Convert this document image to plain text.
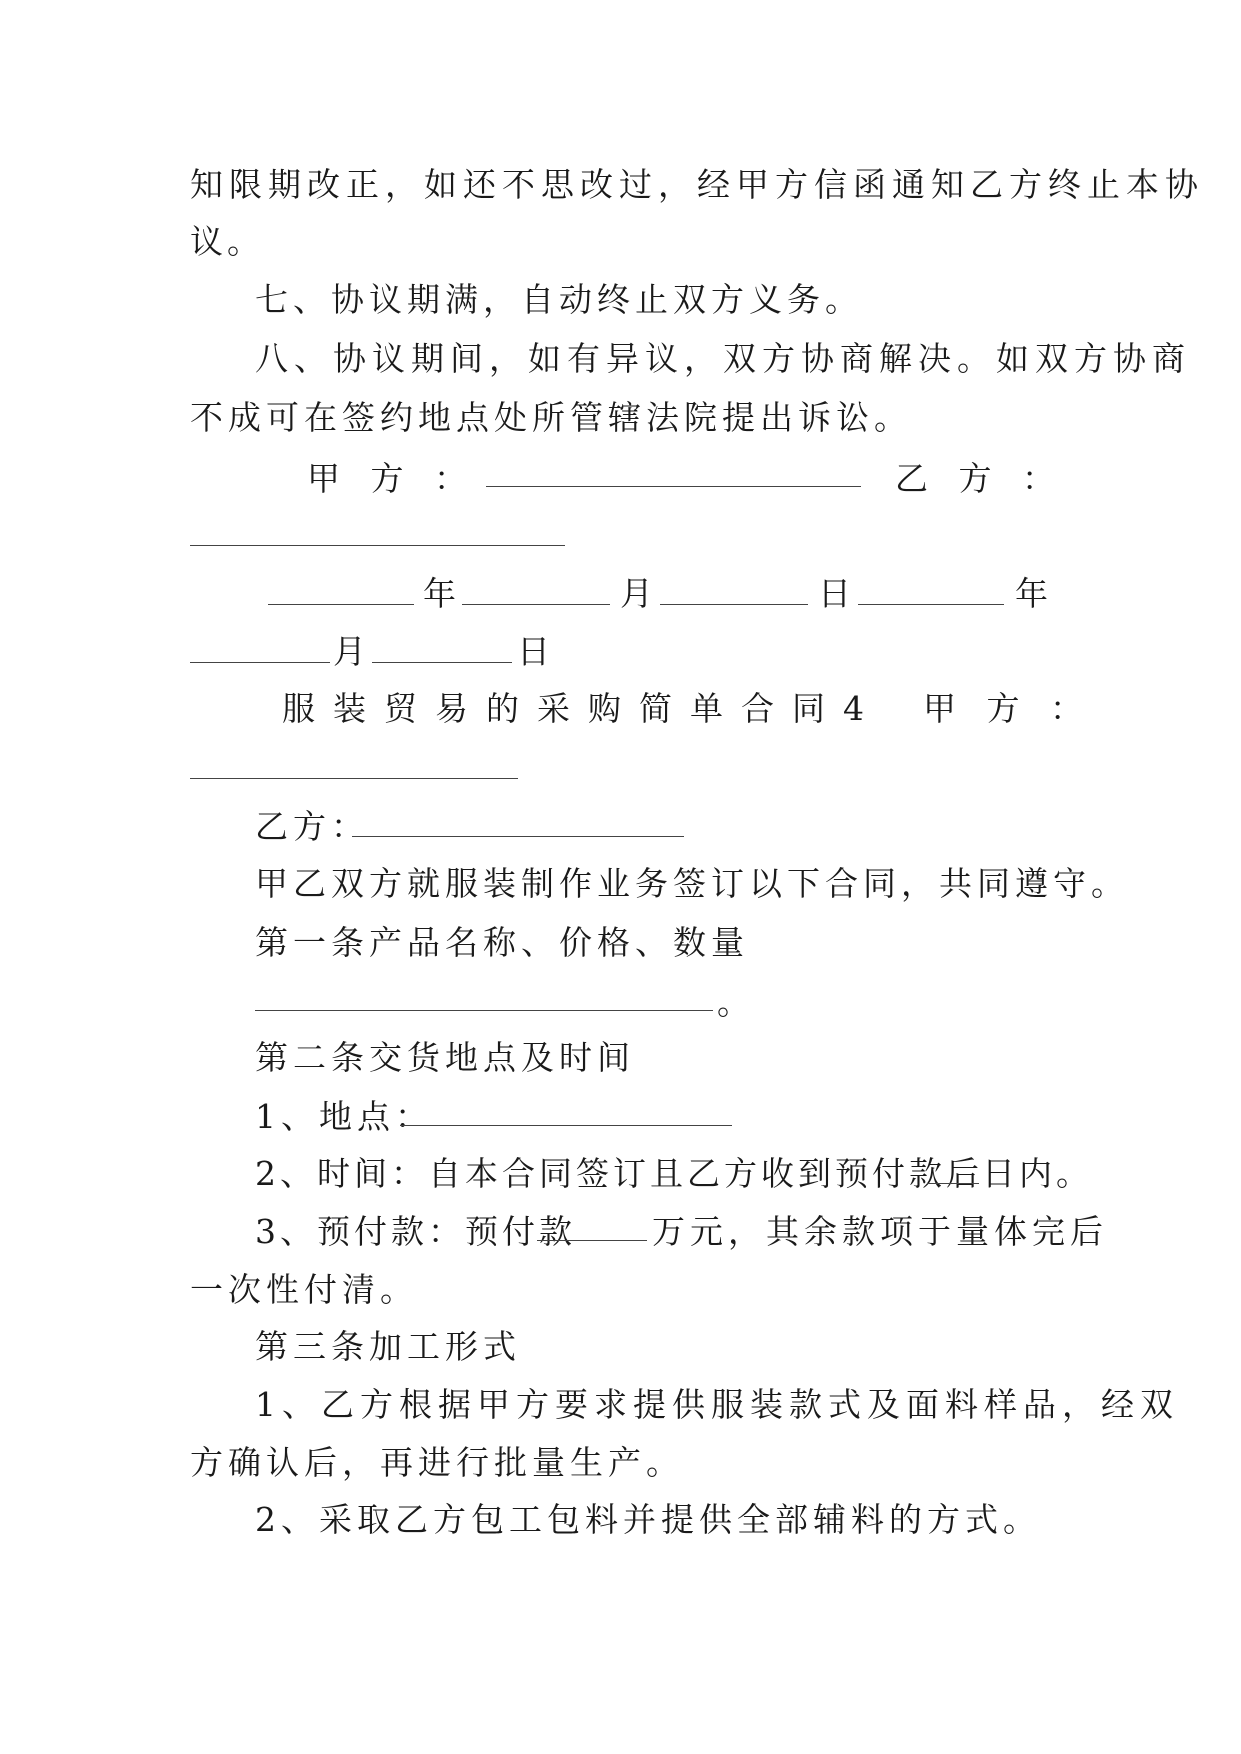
知限期改正，如还不思改过，经甲方信函通知乙方终止本协
议。
七、协议期满，自动终止双方义务。
八、协议期间，如有异议，双方协商解决。如双方协商
不成可在签约地点处所管辖法院提出诉讼。
甲 方 ：	乙 方 ：
年	月	日	年
月	日
服装贸易的采购简单合同4 甲 方 ：
乙方：
甲乙双方就服装制作业务签订以下合同，共同遵守。
第一条产品名称、价格、数量
。
第二条交货地点及时间
1、地点：
2、时间：自本合同签订且乙方收到预付款后 日内。
3、预付款：预付款 万元，其余款项于量体完后
一次性付清。
第三条加工形式
1、乙方根据甲方要求提供服装款式及面料样品，经双
方确认后，再进行批量生产。
2、采取乙方包工包料并提供全部辅料的方式。
